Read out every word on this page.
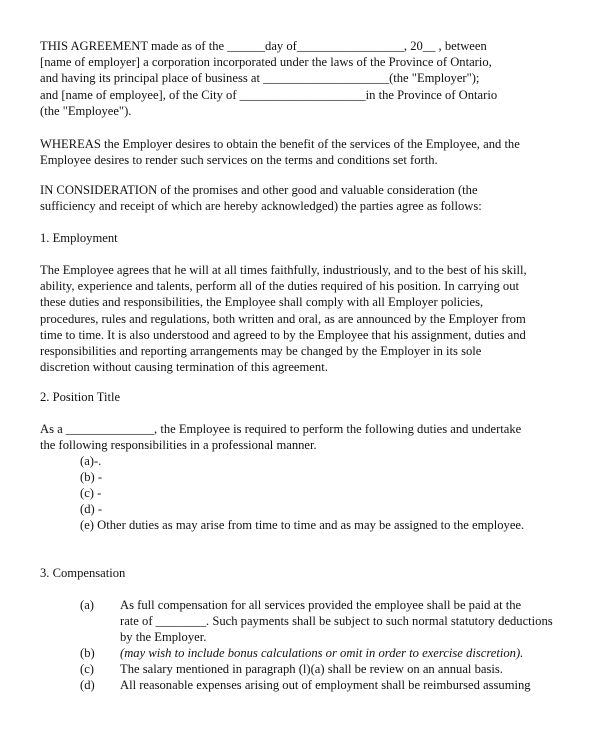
THIS AGREEMENT made as of the ______day of_________________, 20__ , between
[name of employer] a corporation incorporated under the laws of the Province of Ontario,
and having its principal place of business at ____________________(the "Employer");
and [name of employee], of the City of ____________________in the Province of Ontario
(the "Employee").
WHEREAS the Employer desires to obtain the benefit of the services of the Employee, and the
Employee desires to render such services on the terms and conditions set forth.
IN CONSIDERATION of the promises and other good and valuable consideration (the
sufficiency and receipt of which are hereby acknowledged) the parties agree as follows:
1. Employment
The Employee agrees that he will at all times faithfully, industriously, and to the best of his skill,
ability, experience and talents, perform all of the duties required of his position. In carrying out
these duties and responsibilities, the Employee shall comply with all Employer policies,
procedures, rules and regulations, both written and oral, as are announced by the Employer from
time to time. It is also understood and agreed to by the Employee that his assignment, duties and
responsibilities and reporting arrangements may be changed by the Employer in its sole
discretion without causing termination of this agreement.
2. Position Title
As a ______________, the Employee is required to perform the following duties and undertake
the following responsibilities in a professional manner.
(a)-.
(b) -
(c) -
(d) -
(e) Other duties as may arise from time to time and as may be assigned to the employee.
3. Compensation
(a) As full compensation for all services provided the employee shall be paid at the
rate of ________. Such payments shall be subject to such normal statutory deductions
by the Employer.
(b) (may wish to include bonus calculations or omit in order to exercise discretion).
(c) The salary mentioned in paragraph (l)(a) shall be review on an annual basis.
(d) All reasonable expenses arising out of employment shall be reimbursed assuming
